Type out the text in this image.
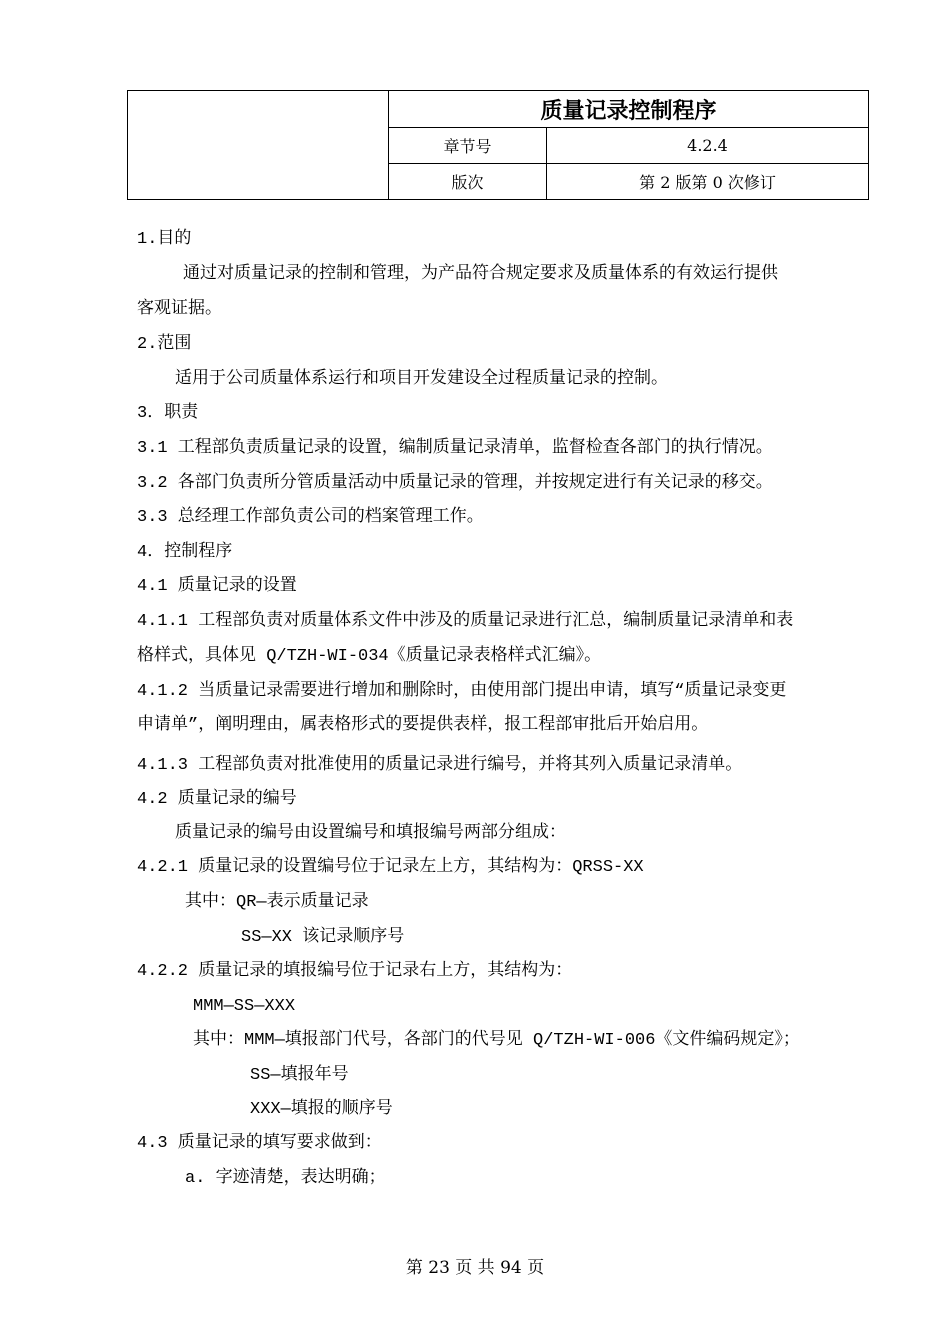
	质量记录控制程序	
	章节号	4.2.4
	版次	第 2 版第 0 次修订
1.目的
通过对质量记录的控制和管理，为产品符合规定要求及质量体系的有效运行提供
客观证据。
2.范围
适用于公司质量体系运行和项目开发建设全过程质量记录的控制。
3．职责
3.1 工程部负责质量记录的设置，编制质量记录清单，监督检查各部门的执行情况。
3.2 各部门负责所分管质量活动中质量记录的管理，并按规定进行有关记录的移交。
3.3 总经理工作部负责公司的档案管理工作。
4．控制程序
4.1 质量记录的设置
4.1.1 工程部负责对质量体系文件中涉及的质量记录进行汇总，编制质量记录清单和表
格样式，具体见 Q/TZH-WI-034《质量记录表格样式汇编》。
4.1.2 当质量记录需要进行增加和删除时，由使用部门提出申请，填写“质量记录变更
申请单”，阐明理由，属表格形式的要提供表样，报工程部审批后开始启用。
4.1.3 工程部负责对批准使用的质量记录进行编号，并将其列入质量记录清单。
4.2 质量记录的编号
质量记录的编号由设置编号和填报编号两部分组成：
4.2.1 质量记录的设置编号位于记录左上方，其结构为：QRSS-XX
其中：QR—表示质量记录
SS—XX 该记录顺序号
4.2.2 质量记录的填报编号位于记录右上方，其结构为：
MMM—SS—XXX
其中：MMM—填报部门代号，各部门的代号见 Q/TZH-WI-006《文件编码规定》；
SS—填报年号
XXX—填报的顺序号
4.3 质量记录的填写要求做到：
a. 字迹清楚，表达明确；
第 23 页 共 94 页
